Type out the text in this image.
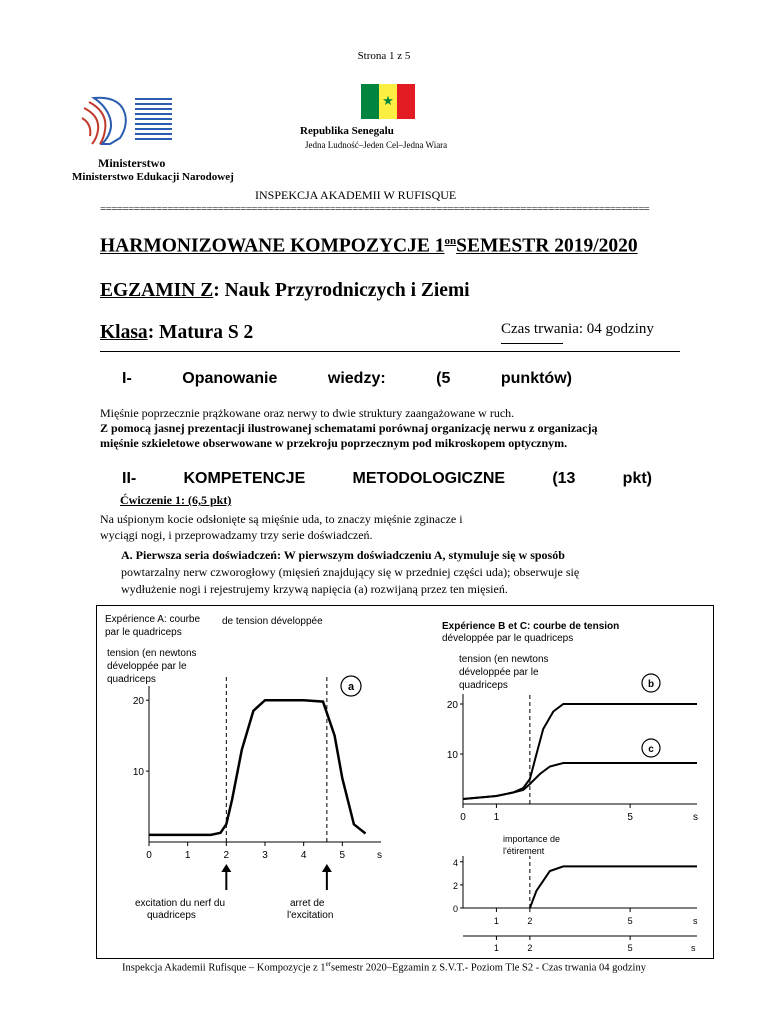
Strona 1 z 5
★
Republika Senegalu
Jedna Ludność–Jeden Cel–Jedna Wiara
Ministerstwo
Ministerstwo Edukacji Narodowej
INSPEKCJA AKADEMII W RUFISQUE
==================================================================================================
HARMONIZOWANE KOMPOZYCJE $1^{on}SEMESTR$ 2019/2020
EGZAMIN Z: Nauk Przyrodniczych i Ziemi
Klasa: Matura S 2	Czas trwania: 04 godziny
I-	Opanowanie	wiedzy:	(5	punktów)
Mięśnie poprzecznie prążkowane oraz nerwy to dwie struktury zaangażowane w ruch.
Z pomocą jasnej prezentacji ilustrowanej schematami porównaj organizację nerwu z organizacją
mięśnie szkieletowe obserwowane w przekroju poprzecznym pod mikroskopem optycznym.
II-	KOMPETENCJE	METODOLOGICZNE	(13	pkt)
Ćwiczenie 1: (6,5 pkt)
Na uśpionym kocie odsłonięte są mięśnie uda, to znaczy mięśnie zginacze i
wyciągi nogi, i przeprowadzamy trzy serie doświadczeń.
A. Pierwsza seria doświadczeń: W pierwszym doświadczeniu A, stymuluje się w sposób
powtarzalny nerw czworogłowy (mięsień znajdujący się w przedniej części uda); obserwuje się
wydłużenie nogi i rejestrujemy krzywą napięcia (a) rozwijaną przez ten mięsień.
Expérience A: courbe de tension développée
par le quadriceps
tension (en newtons
développée par le
quadriceps
0	1	2	3	4	5	s
10
20
a
excitation du nerf du
quadriceps
arret de
l'excitation
Expérience B et C: courbe de tension
développée par le quadriceps
tension (en newtons
développée par le
quadriceps
0	1	5	s
10
20
b
c
importance de
l'étirement
1	2	5	s
0
2
4
1	2	5	s
Inspekcja Akademii Rufisque – Kompozycje z 1ersemestr 2020–Egzamin z S.V.T.- Poziom Tle S2 - Czas trwania 04 godziny
